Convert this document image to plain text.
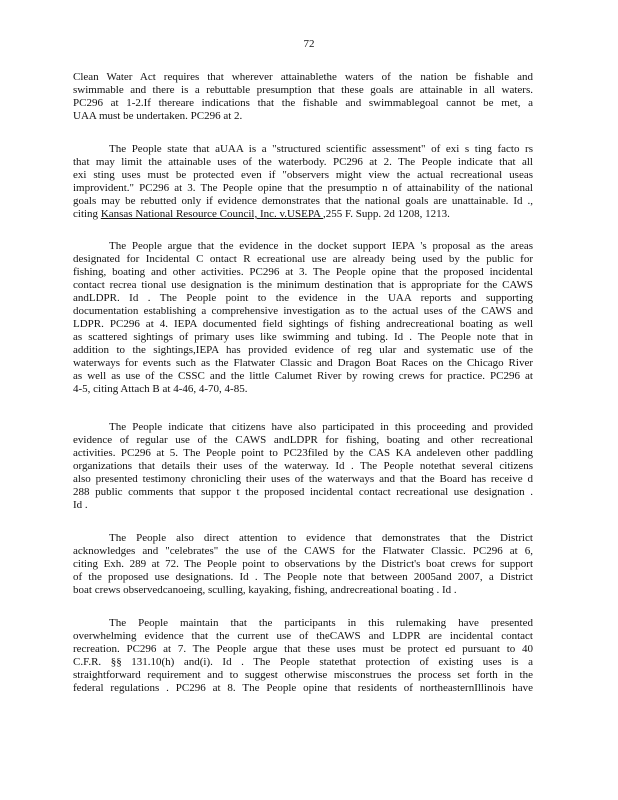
72
Clean Water Act requires that wherever attainablethe waters of the nation be fishable and
swimmable and there is a rebuttable presumption that these goals are attainable in all waters.
PC296 at 1-2.If thereare indications that the fishable and swimmablegoal cannot be met, a
UAA must be undertaken. PC296 at 2.
The People state that aUAA is a "structured scientific assessment" of exi s ting facto rs
that may limit the attainable uses of the waterbody. PC296 at 2. The People indicate that all
exi sting uses must be protected even if "observers might view the actual recreational useas
improvident." PC296 at 3. The People opine that the presumptio n of attainability of the national
goals may be rebutted only if evidence demonstrates that the national goals are unattainable. Id .,
citing Kansas National Resource Council, Inc. v.USEPA ,255 F. Supp. 2d 1208, 1213.
The People argue that the evidence in the docket support IEPA 's proposal as the areas
designated for Incidental C ontact R ecreational use are already being used by the public for
fishing, boating and other activities. PC296 at 3. The People opine that the proposed incidental
contact recrea tional use designation is the minimum destination that is appropriate for the CAWS
andLDPR. Id . The People point to the evidence in the UAA reports and supporting
documentation establishing a comprehensive investigation as to the actual uses of the CAWS and
LDPR. PC296 at 4. IEPA documented field sightings of fishing andrecreational boating as well
as scattered sightings of primary uses like swimming and tubing. Id . The People note that in
addition to the sightings,IEPA has provided evidence of reg ular and systematic use of the
waterways for events such as the Flatwater Classic and Dragon Boat Races on the Chicago River
as well as use of the CSSC and the little Calumet River by rowing crews for practice. PC296 at
4-5, citing Attach B at 4-46, 4-70, 4-85.
The People indicate that citizens have also participated in this proceeding and provided
evidence of regular use of the CAWS andLDPR for fishing, boating and other recreational
activities. PC296 at 5. The People point to PC23filed by the CAS KA andeleven other paddling
organizations that details their uses of the waterway. Id . The People notethat several citizens
also presented testimony chronicling their uses of the waterways and that the Board has receive d
288 public comments that suppor t the proposed incidental contact recreational use designation .
Id .
The People also direct attention to evidence that demonstrates that the District
acknowledges and "celebrates" the use of the CAWS for the Flatwater Classic. PC296 at 6,
citing Exh. 289 at 72. The People point to observations by the District's boat crews for support
of the proposed use designations. Id . The People note that between 2005and 2007, a District
boat crews observedcanoeing, sculling, kayaking, fishing, andrecreational boating . Id .
The People maintain that the participants in this rulemaking have presented
overwhelming evidence that the current use of theCAWS and LDPR are incidental contact
recreation. PC296 at 7. The People argue that these uses must be protect ed pursuant to 40
C.F.R. §§ 131.10(h) and(i). Id . The People statethat protection of existing uses is a
straightforward requirement and to suggest otherwise misconstrues the process set forth in the
federal regulations . PC296 at 8. The People opine that residents of northeasternIllinois have
